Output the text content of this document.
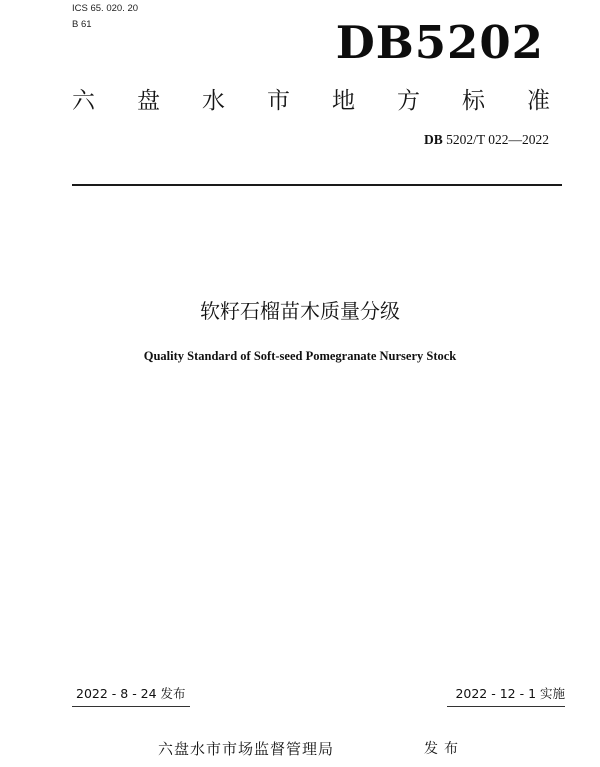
ICS 65. 020. 20
B 61	DB5202
六 盘 水 市 地 方 标 准
DB 5202/T 022—2022
软籽石榴苗木质量分级
Quality Standard of Soft-seed Pomegranate Nursery Stock
2022 - 8 - 24 发布	2022 - 12 - 1 实施
六盘水市市场监督管理局	发布
